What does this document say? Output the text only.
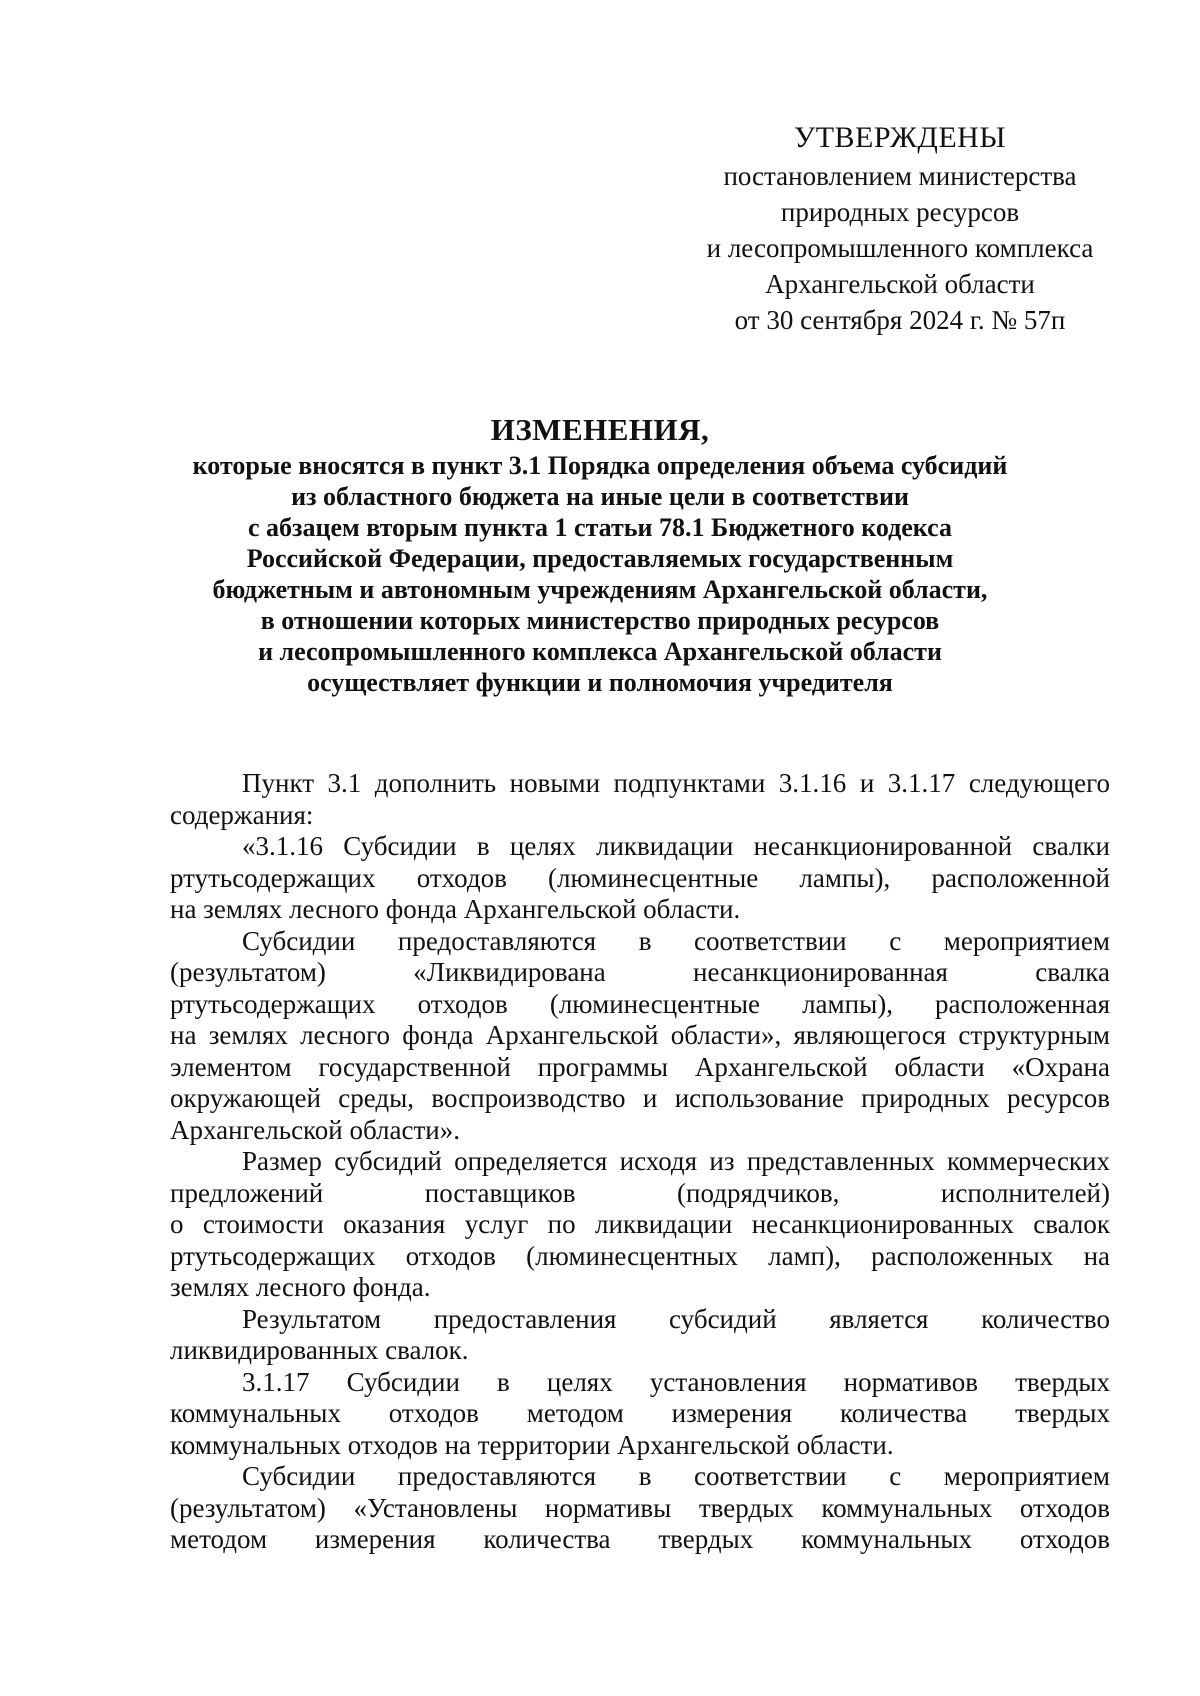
УТВЕРЖДЕНЫ
постановлением министерства
природных ресурсов
и лесопромышленного комплекса
Архангельской области
от 30 сентября 2024 г. № 57п
ИЗМЕНЕНИЯ,
которые вносятся в пункт 3.1 Порядка определения объема субсидий
из областного бюджета на иные цели в соответствии
с абзацем вторым пункта 1 статьи 78.1 Бюджетного кодекса
Российской Федерации, предоставляемых государственным
бюджетным и автономным учреждениям Архангельской области,
в отношении которых министерство природных ресурсов
и лесопромышленного комплекса Архангельской области
осуществляет функции и полномочия учредителя
Пункт 3.1 дополнить новыми подпунктами 3.1.16 и 3.1.17 следующего
содержания:
«3.1.16 Субсидии в целях ликвидации несанкционированной свалки
ртутьсодержащих отходов (люминесцентные лампы), расположенной
на землях лесного фонда Архангельской области.
Субсидии предоставляются в соответствии с мероприятием
(результатом) «Ликвидирована несанкционированная свалка
ртутьсодержащих отходов (люминесцентные лампы), расположенная
на землях лесного фонда Архангельской области», являющегося структурным
элементом государственной программы Архангельской области «Охрана
окружающей среды, воспроизводство и использование природных ресурсов
Архангельской области».
Размер субсидий определяется исходя из представленных коммерческих
предложений поставщиков (подрядчиков, исполнителей)
о стоимости оказания услуг по ликвидации несанкционированных свалок
ртутьсодержащих отходов (люминесцентных ламп), расположенных на
землях лесного фонда.
Результатом предоставления субсидий является количество
ликвидированных свалок.
3.1.17 Субсидии в целях установления нормативов твердых
коммунальных отходов методом измерения количества твердых
коммунальных отходов на территории Архангельской области.
Субсидии предоставляются в соответствии с мероприятием
(результатом) «Установлены нормативы твердых коммунальных отходов
методом измерения количества твердых коммунальных отходов
